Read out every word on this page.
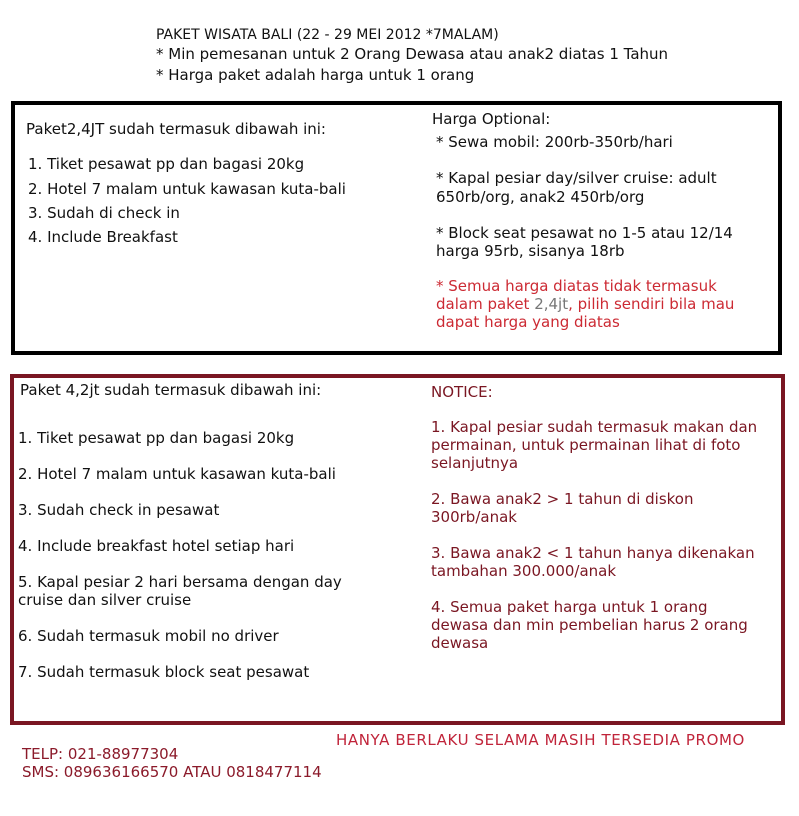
PAKET WISATA BALI (22 - 29 MEI 2012 *7MALAM)
* Min pemesanan untuk 2 Orang Dewasa atau anak2 diatas 1 Tahun
* Harga paket adalah harga untuk 1 orang
Paket2,4JT sudah termasuk dibawah ini:
1. Tiket pesawat pp dan bagasi 20kg
2. Hotel 7 malam untuk kawasan kuta-bali
3. Sudah di check in
4. Include Breakfast
Harga Optional:
* Sewa mobil: 200rb-350rb/hari
* Kapal pesiar day/silver cruise: adult
650rb/org, anak2 450rb/org
* Block seat pesawat no 1-5 atau 12/14
harga 95rb, sisanya 18rb
* Semua harga diatas tidak termasuk
dalam paket 2,4jt, pilih sendiri bila mau
dapat harga yang diatas
Paket 4,2jt sudah termasuk dibawah ini:
1. Tiket pesawat pp dan bagasi 20kg
2. Hotel 7 malam untuk kasawan kuta-bali
3. Sudah check in pesawat
4. Include breakfast hotel setiap hari
5. Kapal pesiar 2 hari bersama dengan day
cruise dan silver cruise
6. Sudah termasuk mobil no driver
7. Sudah termasuk block seat pesawat
NOTICE:
1. Kapal pesiar sudah termasuk makan dan
permainan, untuk permainan lihat di foto
selanjutnya
2. Bawa anak2 > 1 tahun di diskon
300rb/anak
3. Bawa anak2 < 1 tahun hanya dikenakan
tambahan 300.000/anak
4. Semua paket harga untuk 1 orang
dewasa dan min pembelian harus 2 orang
dewasa
HANYA BERLAKU SELAMA MASIH TERSEDIA PROMO
TELP: 021-88977304
SMS: 089636166570 ATAU 0818477114
